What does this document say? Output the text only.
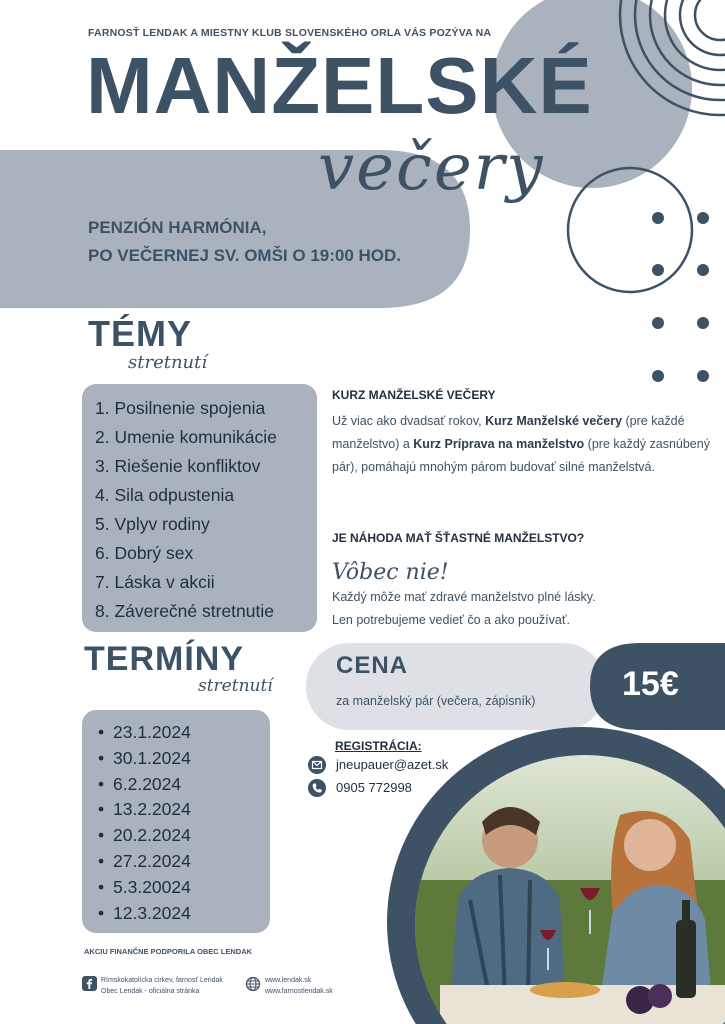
FARNOSŤ LENDAK A MIESTNY KLUB SLOVENSKÉHO ORLA VÁS POZÝVA NA
MANŽELSKÉ
večery
PENZIÓN HARMÓNIA,
PO VEČERNEJ SV. OMŠI O 19:00 HOD.
TÉMY
stretnutí
1. Posilnenie spojenia
2. Umenie komunikácie
3. Riešenie konfliktov
4. Sila odpustenia
5. Vplyv rodiny
6. Dobrý sex
7. Láska v akcii
8. Záverečné stretnutie
TERMÍNY
stretnutí
• 23.1.2024
• 30.1.2024
• 6.2.2024
• 13.2.2024
• 20.2.2024
• 27.2.2024
• 5.3.20024
• 12.3.2024
KURZ MANŽELSKÉ VEČERY
Už viac ako dvadsať rokov, Kurz Manželské večery (pre každé manželstvo) a Kurz Príprava na manželstvo (pre každý zasnúbený pár), pomáhajú mnohým párom budovať silné manželstvá.
JE NÁHODA MAŤ ŠŤASTNÉ MANŽELSTVO?
Vôbec nie!
Každý môže mať zdravé manželstvo plné lásky.
Len potrebujeme vedieť čo a ako používať.
CENA
za manželský pár (večera, zápisník)	15€
REGISTRÁCIA:
jneupauer@azet.sk
0905 772998
AKCIU FINANČNE PODPORILA OBEC LENDAK
Rímskokatolícka cirkev, farnosť Lendak
Obec Lendak - oficiálna stránka
www.lendak.sk
www.farnostlendak.sk
